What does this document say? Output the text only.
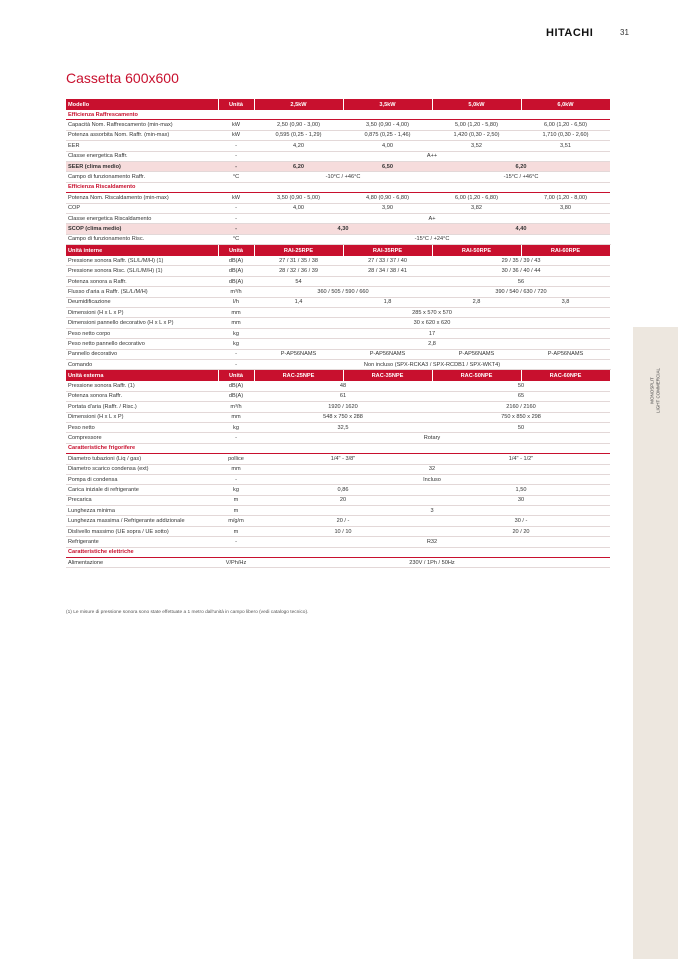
HITACHI	31
Cassetta 600x600
MONOSPLIT LIGHT COMMERCIAL
Modello	Unità	2,5kW	3,5kW	5,0kW	6,0kW
Efficienza Raffrescamento					
Capacità Nom. Raffrescamento (min-max)	kW	2,50 (0,90 - 3,00)	3,50 (0,90 - 4,00)	5,00 (1,20 - 5,80)	6,00 (1,20 - 6,50)
Potenza assorbita Nom. Raffr. (min-max)	kW	0,595 (0,25 - 1,29)	0,875 (0,25 - 1,46)	1,420 (0,30 - 2,50)	1,710 (0,30 - 2,60)
EER	-	4,20	4,00	3,52	3,51
Classe energetica Raffr.	-	A++			
SEER (clima medio)	-	6,20	6,50	6,20	
Campo di funzionamento Raffr.	°C	-10°C / +46°C		-15°C / +46°C	
Efficienza Riscaldamento					
Potenza Nom. Riscaldamento (min-max)	kW	3,50 (0,90 - 5,00)	4,80 (0,90 - 6,80)	6,00 (1,20 - 6,80)	7,00 (1,20 - 8,00)
COP	-	4,00	3,90	3,82	3,80
Classe energetica Riscaldamento	-	A+			
SCOP (clima medio)	-	4,30		4,40	
Campo di funzionamento Risc.	°C	-15°C / +24°C			
Unità interne	Unità	RAI-25RPE	RAI-35RPE	RAI-50RPE	RAI-60RPE
Pressione sonora Raffr. (SL/L/M/H) (1)	dB(A)	27 / 31 / 35 / 38	27 / 33 / 37 / 40	29 / 35 / 39 / 43	
Pressione sonora Risc. (SL/L/M/H) (1)	dB(A)	28 / 32 / 36 / 39	28 / 34 / 38 / 41	30 / 36 / 40 / 44	
Potenza sonora a Raffr.	dB(A)	54		56	
Flusso d'aria a Raffr. (SL/L/M/H)	m³/h	360 / 505 / 590 / 660		390 / 540 / 630 / 720	
Deumidificazione	l/h	1,4	1,8	2,8	3,8
Dimensioni (H x L x P)	mm	285 x 570 x 570			
Dimensioni pannello decorativo (H x L x P)	mm	30 x 620 x 620			
Peso netto corpo	kg	17			
Peso netto pannello decorativo	kg	2,8			
Pannello decorativo	-	P-AP56NAMS	P-AP56NAMS	P-AP56NAMS	P-AP56NAMS
Comando	-	Non incluso (SPX-RCKA3 / SPX-RCDB1 / SPX-WKT4)			
Unità esterna	Unità	RAC-25NPE	RAC-35NPE	RAC-50NPE	RAC-60NPE
Pressione sonora Raffr. (1)	dB(A)	48		50	
Potenza sonora Raffr.	dB(A)	61		65	
Portata d'aria (Raffr. / Risc.)	m³/h	1920 / 1620		2160 / 2160	
Dimensioni (H x L x P)	mm	548 x 750 x 288		750 x 850 x 298	
Peso netto	kg	32,5		50	
Compressore	-	Rotary			
Caratteristiche frigorifere					
Diametro tubazioni (Liq / gas)	pollice	1/4" - 3/8"		1/4" - 1/2"	
Diametro scarico condensa (ext)	mm	32			
Pompa di condensa	-	Incluso			
Carica iniziale di refrigerante	kg	0,86		1,50	
Precarica	m	20		30	
Lunghezza minima	m	3			
Lunghezza massima / Refrigerante addizionale	m/g/m	20 / -		30 / -	
Dislivello massimo (UE sopra / UE sotto)	m	10 / 10		20 / 20	
Refrigerante	-	R32			
Caratteristiche elettriche					
Alimentazione	V/Ph/Hz	230V / 1Ph / 50Hz			
(1) Le misure di pressione sonora sono state effettuate a 1 metro dall'unità in campo libero (vedi catalogo tecnico).
